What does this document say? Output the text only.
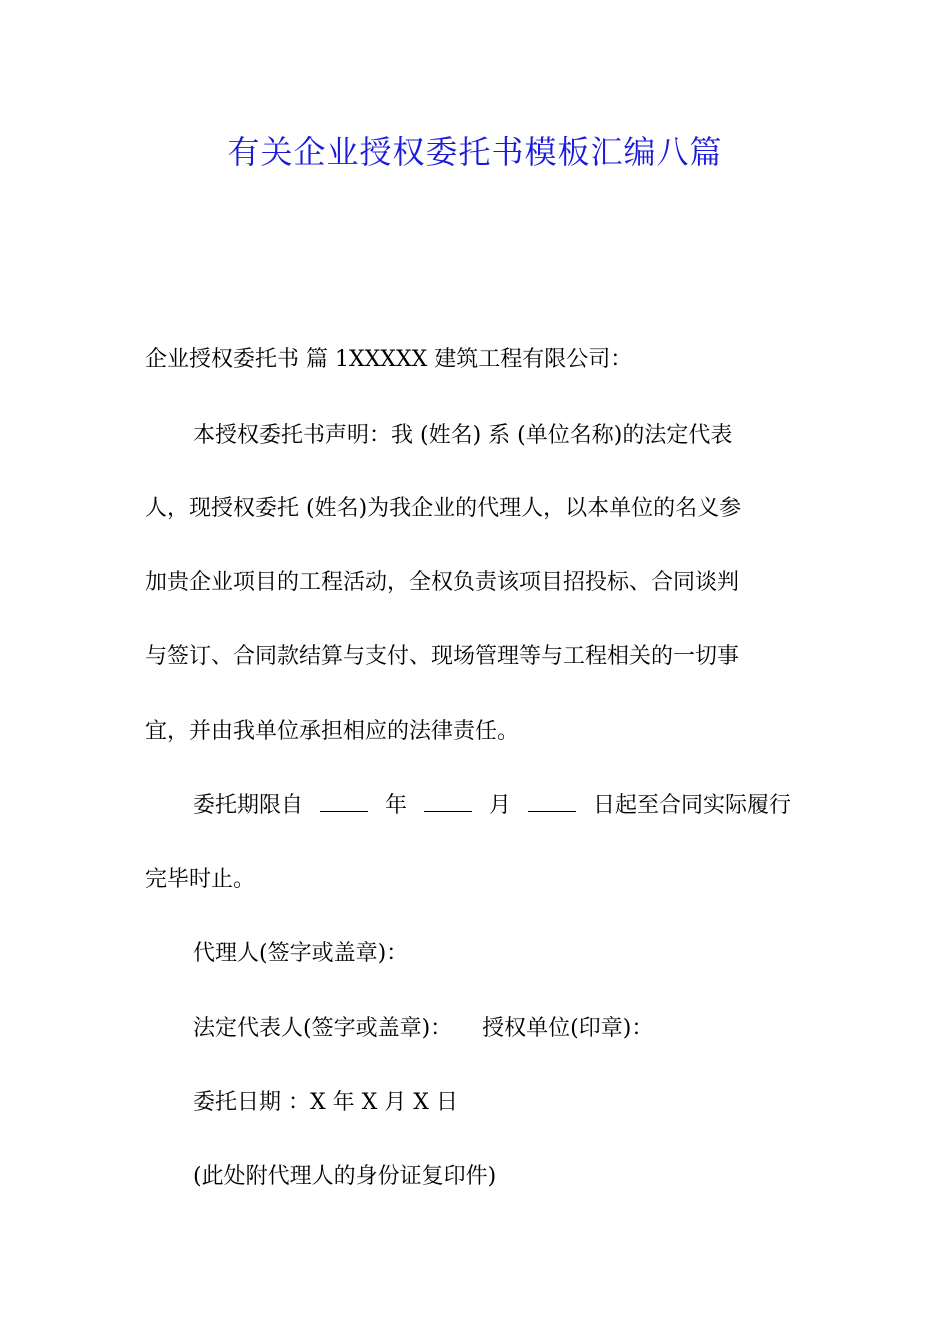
有关企业授权委托书模板汇编八篇
企业授权委托书 篇 1XXXXX 建筑工程有限公司：
本授权委托书声明：我 (姓名) 系 (单位名称)的法定代表
人，现授权委托 (姓名)为我企业的代理人，以本单位的名义参
加贵企业项目的工程活动，全权负责该项目招投标、合同谈判
与签订、合同款结算与支付、现场管理等与工程相关的一切事
宜，并由我单位承担相应的法律责任。
委托期限自	年	月	日起至合同实际履行
完毕时止。
代理人(签字或盖章)：
法定代表人(签字或盖章)： 授权单位(印章)：
委托日期 ：X 年 X 月 X 日
(此处附代理人的身份证复印件)
